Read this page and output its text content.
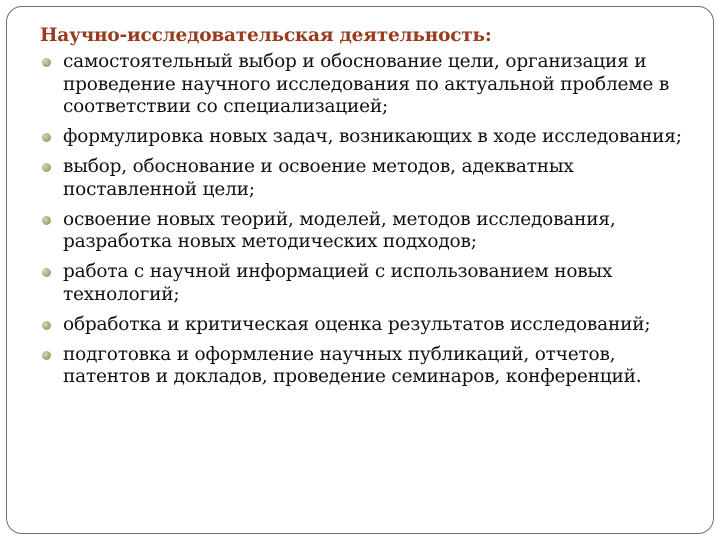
Научно-исследовательская деятельность:
самостоятельный выбор и обоснование цели, организация и проведение научного исследования по актуальной проблеме в соответствии со специализацией;
формулировка новых задач, возникающих в ходе исследования;
выбор, обоснование и освоение методов, адекватных поставленной цели;
освоение новых теорий, моделей, методов исследования, разработка новых методических подходов;
работа с научной информацией с использованием новых технологий;
обработка и критическая оценка результатов исследований;
подготовка и оформление научных публикаций, отчетов, патентов и докладов, проведение семинаров, конференций.
